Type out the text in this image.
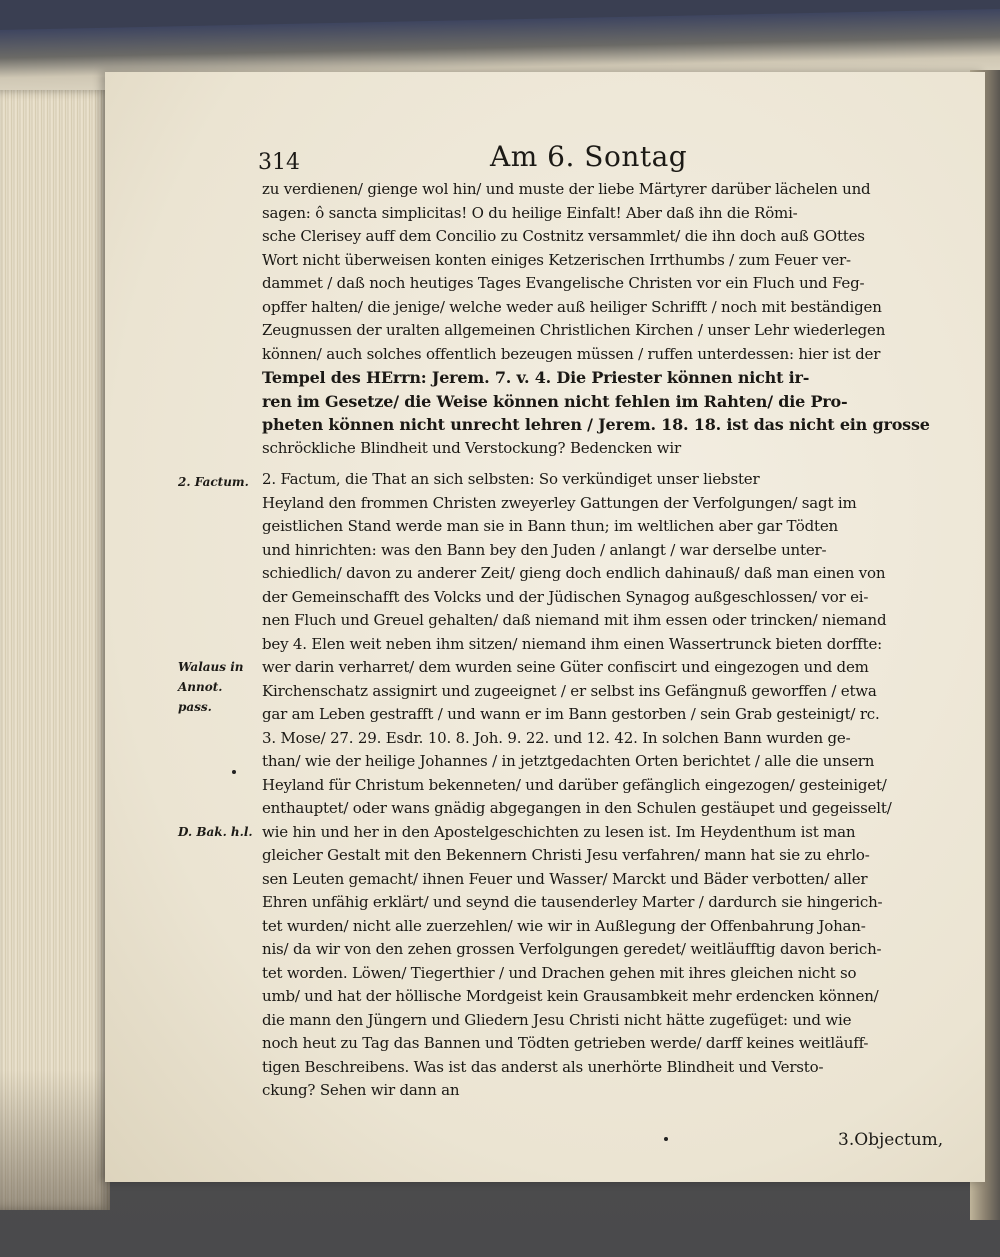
314	Am 6. Sontag
2. Factum.
Walaus in
Annot.
pass.
D. Bak. h.l.
zu verdienen/ gienge wol hin/ und muste der liebe Märtyrer darüber lächelen und
sagen: ô sancta simplicitas! O du heilige Einfalt! Aber daß ihn die Römi-
sche Clerisey auff dem Concilio zu Costnitz versammlet/ die ihn doch auß GOttes
Wort nicht überweisen konten einiges Ketzerischen Irrthumbs / zum Feuer ver-
dammet / daß noch heutiges Tages Evangelische Christen vor ein Fluch und Feg-
opffer halten/ die jenige/ welche weder auß heiliger Schrifft / noch mit beständigen
Zeugnussen der uralten allgemeinen Christlichen Kirchen / unser Lehr wiederlegen
können/ auch solches offentlich bezeugen müssen / ruffen unterdessen: hier ist der
Tempel des HErrn: Jerem. 7. v. 4. Die Priester können nicht ir-
ren im Gesetze/ die Weise können nicht fehlen im Rahten/ die Pro-
pheten können nicht unrecht lehren / Jerem. 18. 18. ist das nicht ein grosse
schröckliche Blindheit und Verstockung? Bedencken wir
2. Factum, die That an sich selbsten: So verkündiget unser liebster
Heyland den frommen Christen zweyerley Gattungen der Verfolgungen/ sagt im
geistlichen Stand werde man sie in Bann thun; im weltlichen aber gar Tödten
und hinrichten: was den Bann bey den Juden / anlangt / war derselbe unter-
schiedlich/ davon zu anderer Zeit/ gieng doch endlich dahinauß/ daß man einen von
der Gemeinschafft des Volcks und der Jüdischen Synagog außgeschlossen/ vor ei-
nen Fluch und Greuel gehalten/ daß niemand mit ihm essen oder trincken/ niemand
bey 4. Elen weit neben ihm sitzen/ niemand ihm einen Wassertrunck bieten dorffte:
wer darin verharret/ dem wurden seine Güter confiscirt und eingezogen und dem
Kirchenschatz assignirt und zugeeignet / er selbst ins Gefängnuß geworffen / etwa
gar am Leben gestrafft / und wann er im Bann gestorben / sein Grab gesteinigt/ rc.
3. Mose/ 27. 29. Esdr. 10. 8. Joh. 9. 22. und 12. 42. In solchen Bann wurden ge-
than/ wie der heilige Johannes / in jetztgedachten Orten berichtet / alle die unsern
Heyland für Christum bekenneten/ und darüber gefänglich eingezogen/ gesteiniget/
enthauptet/ oder wans gnädig abgegangen in den Schulen gestäupet und gegeisselt/
wie hin und her in den Apostelgeschichten zu lesen ist. Im Heydenthum ist man
gleicher Gestalt mit den Bekennern Christi Jesu verfahren/ mann hat sie zu ehrlo-
sen Leuten gemacht/ ihnen Feuer und Wasser/ Marckt und Bäder verbotten/ aller
Ehren unfähig erklärt/ und seynd die tausenderley Marter / dardurch sie hingerich-
tet wurden/ nicht alle zuerzehlen/ wie wir in Außlegung der Offenbahrung Johan-
nis/ da wir von den zehen grossen Verfolgungen geredet/ weitläufftig davon berich-
tet worden. Löwen/ Tiegerthier / und Drachen gehen mit ihres gleichen nicht so
umb/ und hat der höllische Mordgeist kein Grausambkeit mehr erdencken können/
die mann den Jüngern und Gliedern Jesu Christi nicht hätte zugefüget: und wie
noch heut zu Tag das Bannen und Tödten getrieben werde/ darff keines weitläuff-
tigen Beschreibens. Was ist das anderst als unerhörte Blindheit und Versto-
ckung? Sehen wir dann an
3.Objectum,
